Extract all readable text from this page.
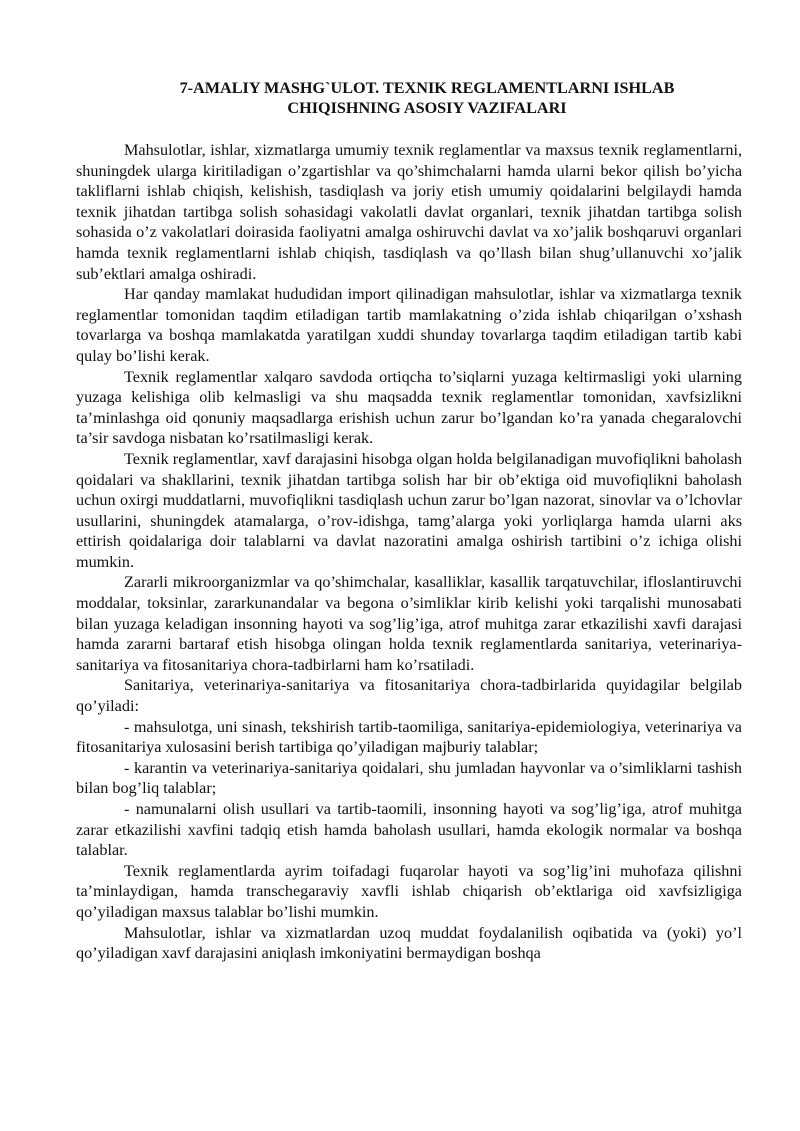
7-AMALIY MASHG`ULOT. TEXNIK REGLAMENTLARNI ISHLAB
CHIQISHNING ASOSIY VAZIFALARI

Mahsulotlar, ishlar, xizmatlarga umumiy texnik reglamentlar va maxsus texnik reglamentlarni, shuningdek ularga kiritiladigan o’zgartishlar va qo’shimchalarni hamda ularni bekor qilish bo’yicha takliflarni ishlab chiqish, kelishish, tasdiqlash va joriy etish umumiy qoidalarini belgilaydi hamda texnik jihatdan tartibga solish sohasidagi vakolatli davlat organlari, texnik jihatdan tartibga solish sohasida o’z vakolatlari doirasida faoliyatni amalga oshiruvchi davlat va xo’jalik boshqaruvi organlari hamda texnik reglamentlarni ishlab chiqish, tasdiqlash va qo’llash bilan shug’ullanuvchi xo’jalik sub’ektlari amalga oshiradi.

Har qanday mamlakat hududidan import qilinadigan mahsulotlar, ishlar va xizmatlarga texnik reglamentlar tomonidan taqdim etiladigan tartib mamlakatning o’zida ishlab chiqarilgan o’xshash tovarlarga va boshqa mamlakatda yaratilgan xuddi shunday tovarlarga taqdim etiladigan tartib kabi qulay bo’lishi kerak.

Texnik reglamentlar xalqaro savdoda ortiqcha to’siqlarni yuzaga keltirmasligi yoki ularning yuzaga kelishiga olib kelmasligi va shu maqsadda texnik reglamentlar tomonidan, xavfsizlikni ta’minlashga oid qonuniy maqsadlarga erishish uchun zarur bo’lgandan ko’ra yanada chegaralovchi ta’sir savdoga nisbatan ko’rsatilmasligi kerak.

Texnik reglamentlar, xavf darajasini hisobga olgan holda belgilanadigan muvofiqlikni baholash qoidalari va shakllarini, texnik jihatdan tartibga solish har bir ob’ektiga oid muvofiqlikni baholash uchun oxirgi muddatlarni, muvofiqlikni tasdiqlash uchun zarur bo’lgan nazorat, sinovlar va o’lchovlar usullarini, shuningdek atamalarga, o’rov-idishga, tamg’alarga yoki yorliqlarga hamda ularni aks ettirish qoidalariga doir talablarni va davlat nazoratini amalga oshirish tartibini o’z ichiga olishi mumkin.

Zararli mikroorganizmlar va qo’shimchalar, kasalliklar, kasallik tarqatuvchilar, ifloslantiruvchi moddalar, toksinlar, zararkunandalar va begona o’simliklar kirib kelishi yoki tarqalishi munosabati bilan yuzaga keladigan insonning hayoti va sog’lig’iga, atrof muhitga zarar etkazilishi xavfi darajasi hamda zararni bartaraf etish hisobga olingan holda texnik reglamentlarda sanitariya, veterinariya-sanitariya va fitosanitariya chora-tadbirlarni ham ko’rsatiladi.

Sanitariya, veterinariya-sanitariya va fitosanitariya chora-tadbirlarida quyidagilar belgilab qo’yiladi:

- mahsulotga, uni sinash, tekshirish tartib-taomiliga, sanitariya-epidemiologiya, veterinariya va fitosanitariya xulosasini berish tartibiga qo’yiladigan majburiy talablar;

- karantin va veterinariya-sanitariya qoidalari, shu jumladan hayvonlar va o’simliklarni tashish bilan bog’liq talablar;

- namunalarni olish usullari va tartib-taomili, insonning hayoti va sog’lig’iga, atrof muhitga zarar etkazilishi xavfini tadqiq etish hamda baholash usullari, hamda ekologik normalar va boshqa talablar.

Texnik reglamentlarda ayrim toifadagi fuqarolar hayoti va sog’lig’ini muhofaza qilishni ta’minlaydigan, hamda transchegaraviy xavfli ishlab chiqarish ob’ektlariga oid xavfsizligiga qo’yiladigan maxsus talablar bo’lishi mumkin.

Mahsulotlar, ishlar va xizmatlardan uzoq muddat foydalanilish oqibatida va (yoki) yo’l qo’yiladigan xavf darajasini aniqlash imkoniyatini bermaydigan boshqa
